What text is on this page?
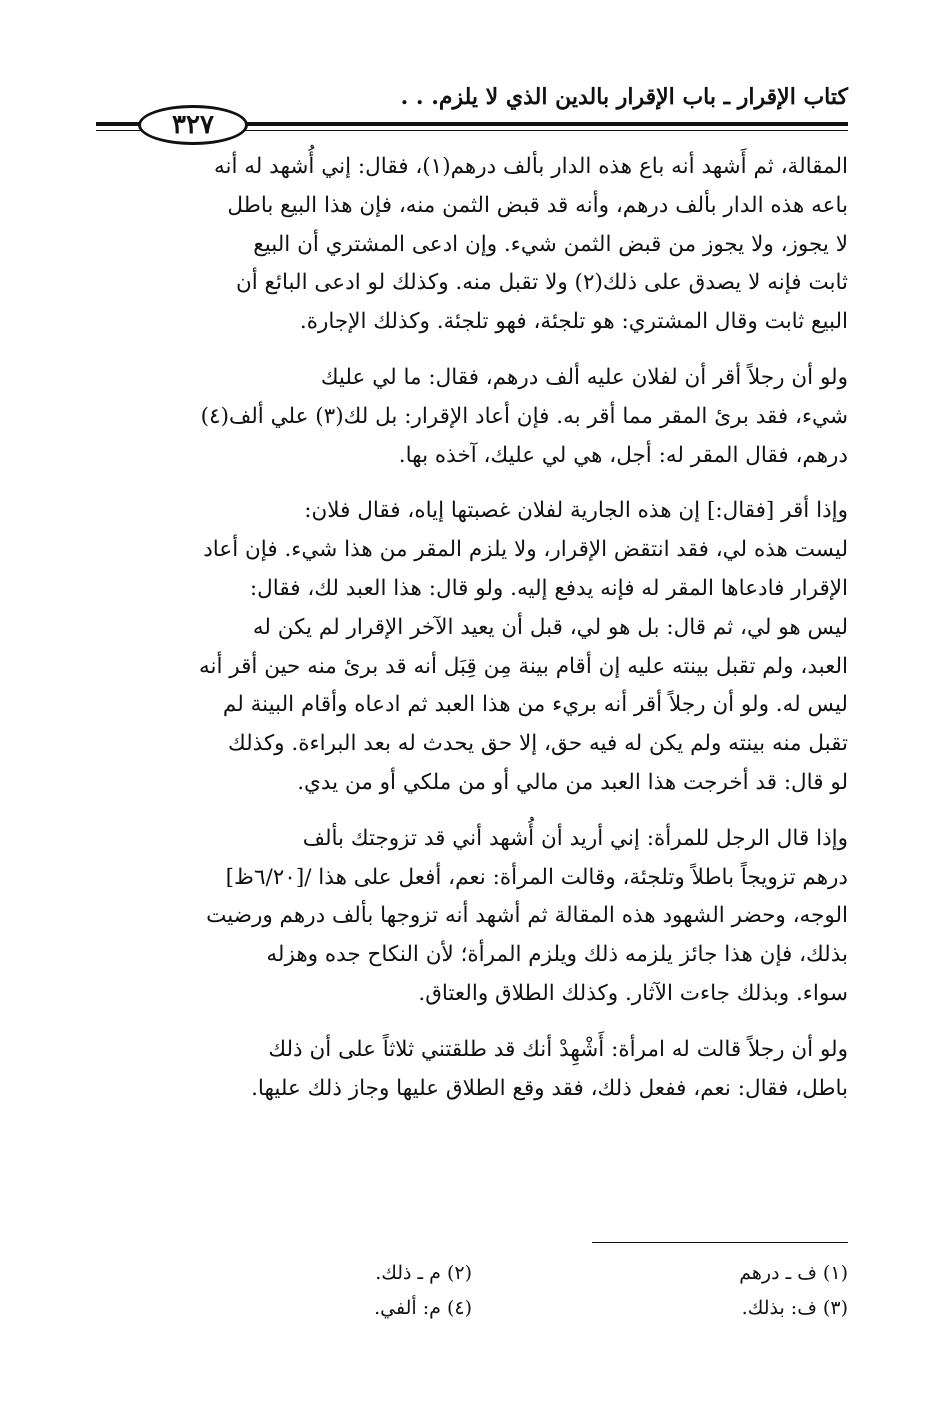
كتاب الإقرار ـ باب الإقرار بالدين الذي لا يلزم. . .
٣٢٧

المقالة، ثم أَشهد أنه باع هذه الدار بألف درهم(١)، فقال: إني أُشهد له أنه

باعه هذه الدار بألف درهم، وأنه قد قبض الثمن منه، فإن هذا البيع باطل

لا يجوز، ولا يجوز من قبض الثمن شيء. وإن ادعى المشتري أن البيع

ثابت فإنه لا يصدق على ذلك(٢) ولا تقبل منه. وكذلك لو ادعى البائع أن

البيع ثابت وقال المشتري: هو تلجئة، فهو تلجئة. وكذلك الإجارة.

ولو أن رجلاً أقر أن لفلان عليه ألف درهم، فقال: ما لي عليك

شيء، فقد برئ المقر مما أقر به. فإن أعاد الإقرار: بل لك(٣) علي ألف(٤)

درهم، فقال المقر له: أجل، هي لي عليك، آخذه بها.

وإذا أقر [فقال:] إن هذه الجارية لفلان غصبتها إياه، فقال فلان:

ليست هذه لي، فقد انتقض الإقرار، ولا يلزم المقر من هذا شيء. فإن أعاد

الإقرار فادعاها المقر له فإنه يدفع إليه. ولو قال: هذا العبد لك، فقال:

ليس هو لي، ثم قال: بل هو لي، قبل أن يعيد الآخر الإقرار لم يكن له

العبد، ولم تقبل بينته عليه إن أقام بينة مِن قِبَل أنه قد برئ منه حين أقر أنه

ليس له. ولو أن رجلاً أقر أنه بريء من هذا العبد ثم ادعاه وأقام البينة لم

تقبل منه بينته ولم يكن له فيه حق، إلا حق يحدث له بعد البراءة. وكذلك

لو قال: قد أخرجت هذا العبد من مالي أو من ملكي أو من يدي.

وإذا قال الرجل للمرأة: إني أريد أن أُشهد أني قد تزوجتك بألف

درهم تزويجاً باطلاً وتلجئة، وقالت المرأة: نعم، أفعل على هذا /[٦/٢٠ظ]

الوجه، وحضر الشهود هذه المقالة ثم أشهد أنه تزوجها بألف درهم ورضيت

بذلك، فإن هذا جائز يلزمه ذلك ويلزم المرأة؛ لأن النكاح جده وهزله

سواء. وبذلك جاءت الآثار. وكذلك الطلاق والعتاق.

ولو أن رجلاً قالت له امرأة: أَشْهِدْ أنك قد طلقتني ثلاثاً على أن ذلك

باطل، فقال: نعم، ففعل ذلك، فقد وقع الطلاق عليها وجاز ذلك عليها.

(١) ف ـ درهم
(٢) م ـ ذلك.
(٣) ف: بذلك.
(٤) م: ألفي.
